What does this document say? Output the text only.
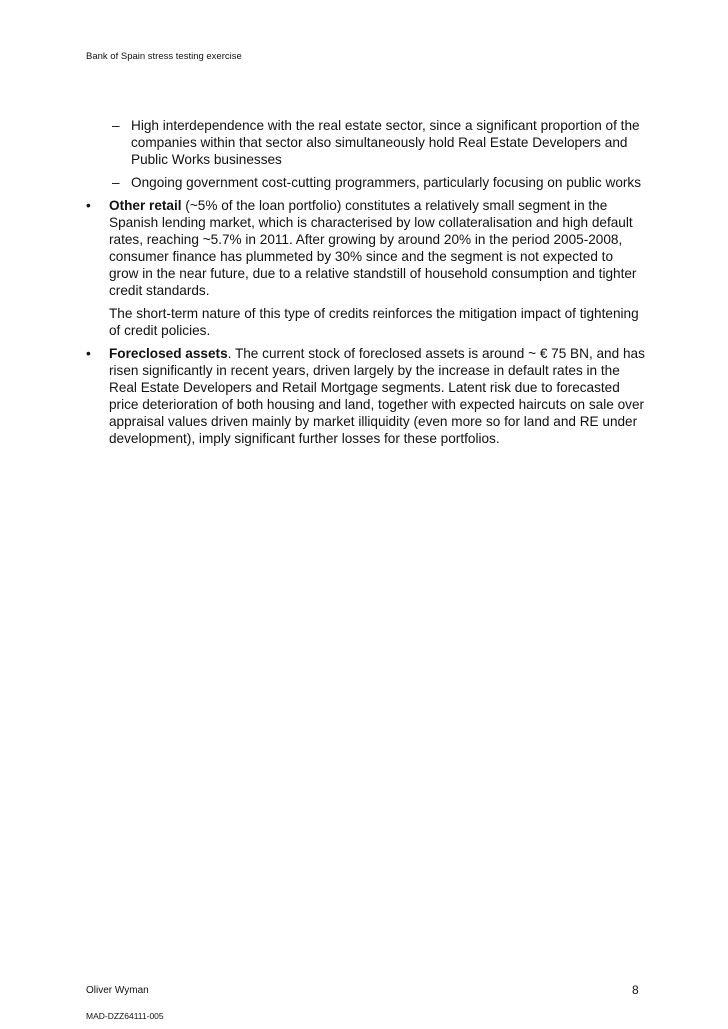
Bank of Spain stress testing exercise
– High interdependence with the real estate sector, since a significant proportion of the companies within that sector also simultaneously hold Real Estate Developers and Public Works businesses
– Ongoing government cost-cutting programmers, particularly focusing on public works
•	Other retail (~5% of the loan portfolio) constitutes a relatively small segment in the Spanish lending market, which is characterised by low collateralisation and high default rates, reaching ~5.7% in 2011. After growing by around 20% in the period 2005-2008, consumer finance has plummeted by 30% since and the segment is not expected to grow in the near future, due to a relative standstill of household consumption and tighter credit standards.

The short-term nature of this type of credits reinforces the mitigation impact of tightening of credit policies.

•	Foreclosed assets. The current stock of foreclosed assets is around ~ € 75 BN, and has risen significantly in recent years, driven largely by the increase in default rates in the Real Estate Developers and Retail Mortgage segments. Latent risk due to forecasted price deterioration of both housing and land, together with expected haircuts on sale over appraisal values driven mainly by market illiquidity (even more so for land and RE under development), imply significant further losses for these portfolios.

Oliver Wyman	8
MAD-DZZ64111-005
